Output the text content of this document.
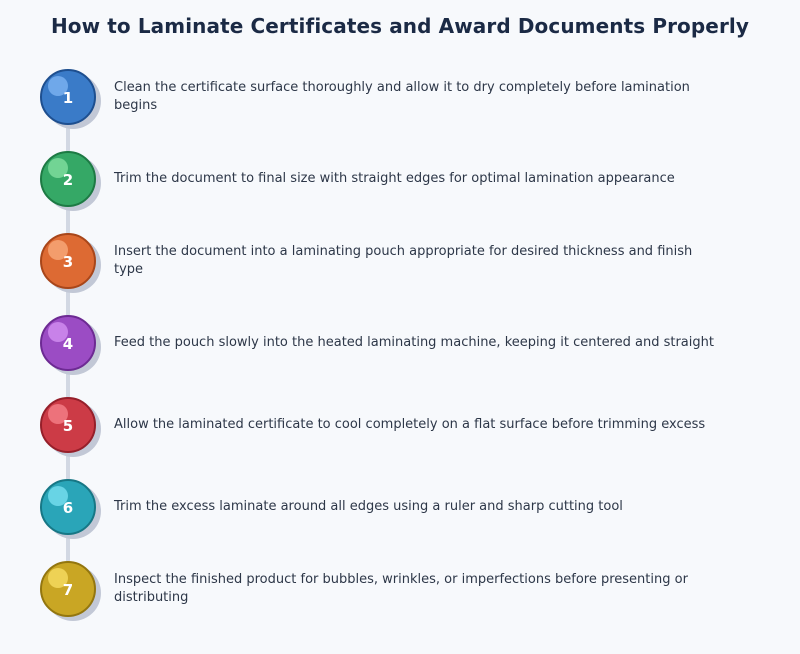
How to Laminate Certificates and Award Documents Properly
1
Clean the certificate surface thoroughly and allow it to dry completely before lamination begins
2	Trim the document to final size with straight edges for optimal lamination appearance
3
Insert the document into a laminating pouch appropriate for desired thickness and finish type
4	Feed the pouch slowly into the heated laminating machine, keeping it centered and straight
5	Allow the laminated certificate to cool completely on a flat surface before trimming excess
6	Trim the excess laminate around all edges using a ruler and sharp cutting tool
7
Inspect the finished product for bubbles, wrinkles, or imperfections before presenting or distributing
